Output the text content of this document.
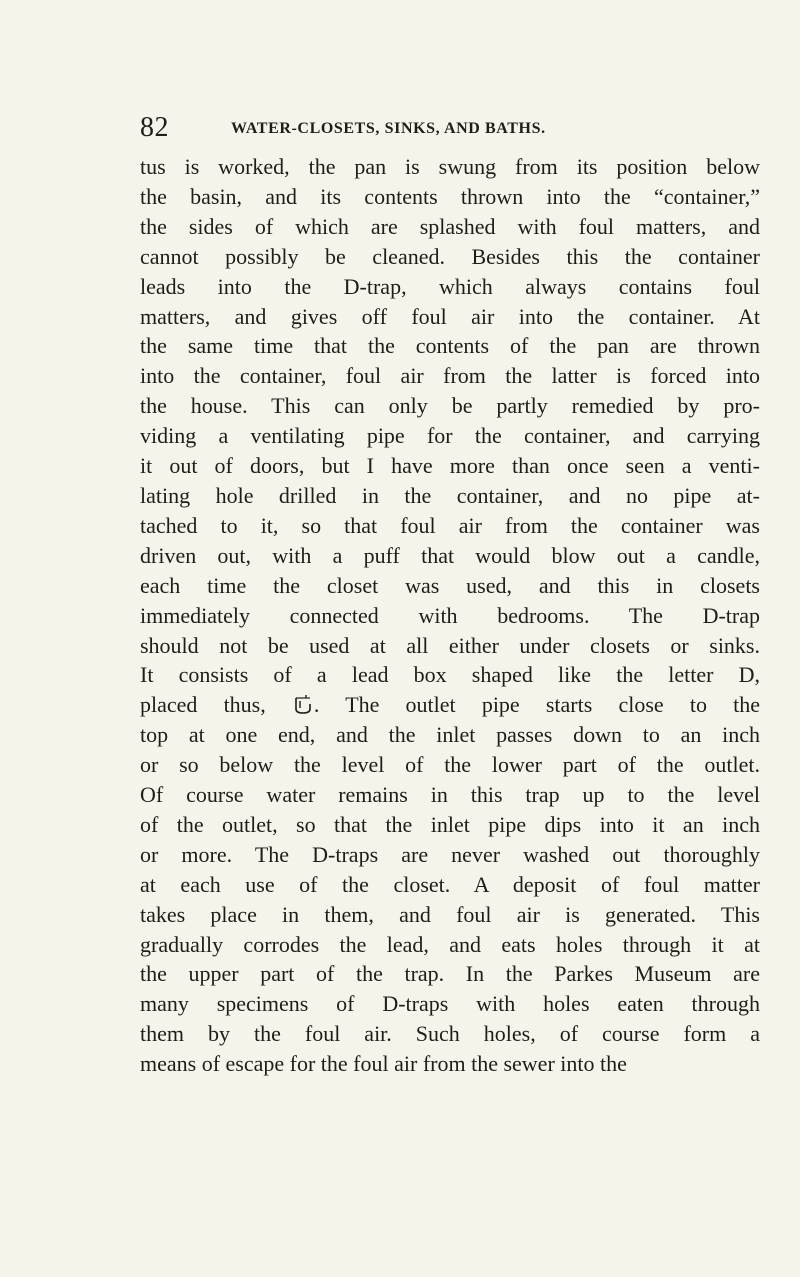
82	WATER-CLOSETS, SINKS, AND BATHS.
tus is worked, the pan is swung from its position below
the basin, and its contents thrown into the “container,”
the sides of which are splashed with foul matters, and
cannot possibly be cleaned. Besides this the container
leads into the D-trap, which always contains foul
matters, and gives off foul air into the container. At
the same time that the contents of the pan are thrown
into the container, foul air from the latter is forced into
the house. This can only be partly remedied by pro-
viding a ventilating pipe for the container, and carrying
it out of doors, but I have more than once seen a venti-
lating hole drilled in the container, and no pipe at-
tached to it, so that foul air from the container was
driven out, with a puff that would blow out a candle,
each time the closet was used, and this in closets
immediately connected with bedrooms. The D-trap
should not be used at all either under closets or sinks.
It consists of a lead box shaped like the letter D,
placed thus, . The outlet pipe starts close to the
top at one end, and the inlet passes down to an inch
or so below the level of the lower part of the outlet.
Of course water remains in this trap up to the level
of the outlet, so that the inlet pipe dips into it an inch
or more. The D-traps are never washed out thoroughly
at each use of the closet. A deposit of foul matter
takes place in them, and foul air is generated. This
gradually corrodes the lead, and eats holes through it at
the upper part of the trap. In the Parkes Museum are
many specimens of D-traps with holes eaten through
them by the foul air. Such holes, of course form a
means of escape for the foul air from the sewer into the
